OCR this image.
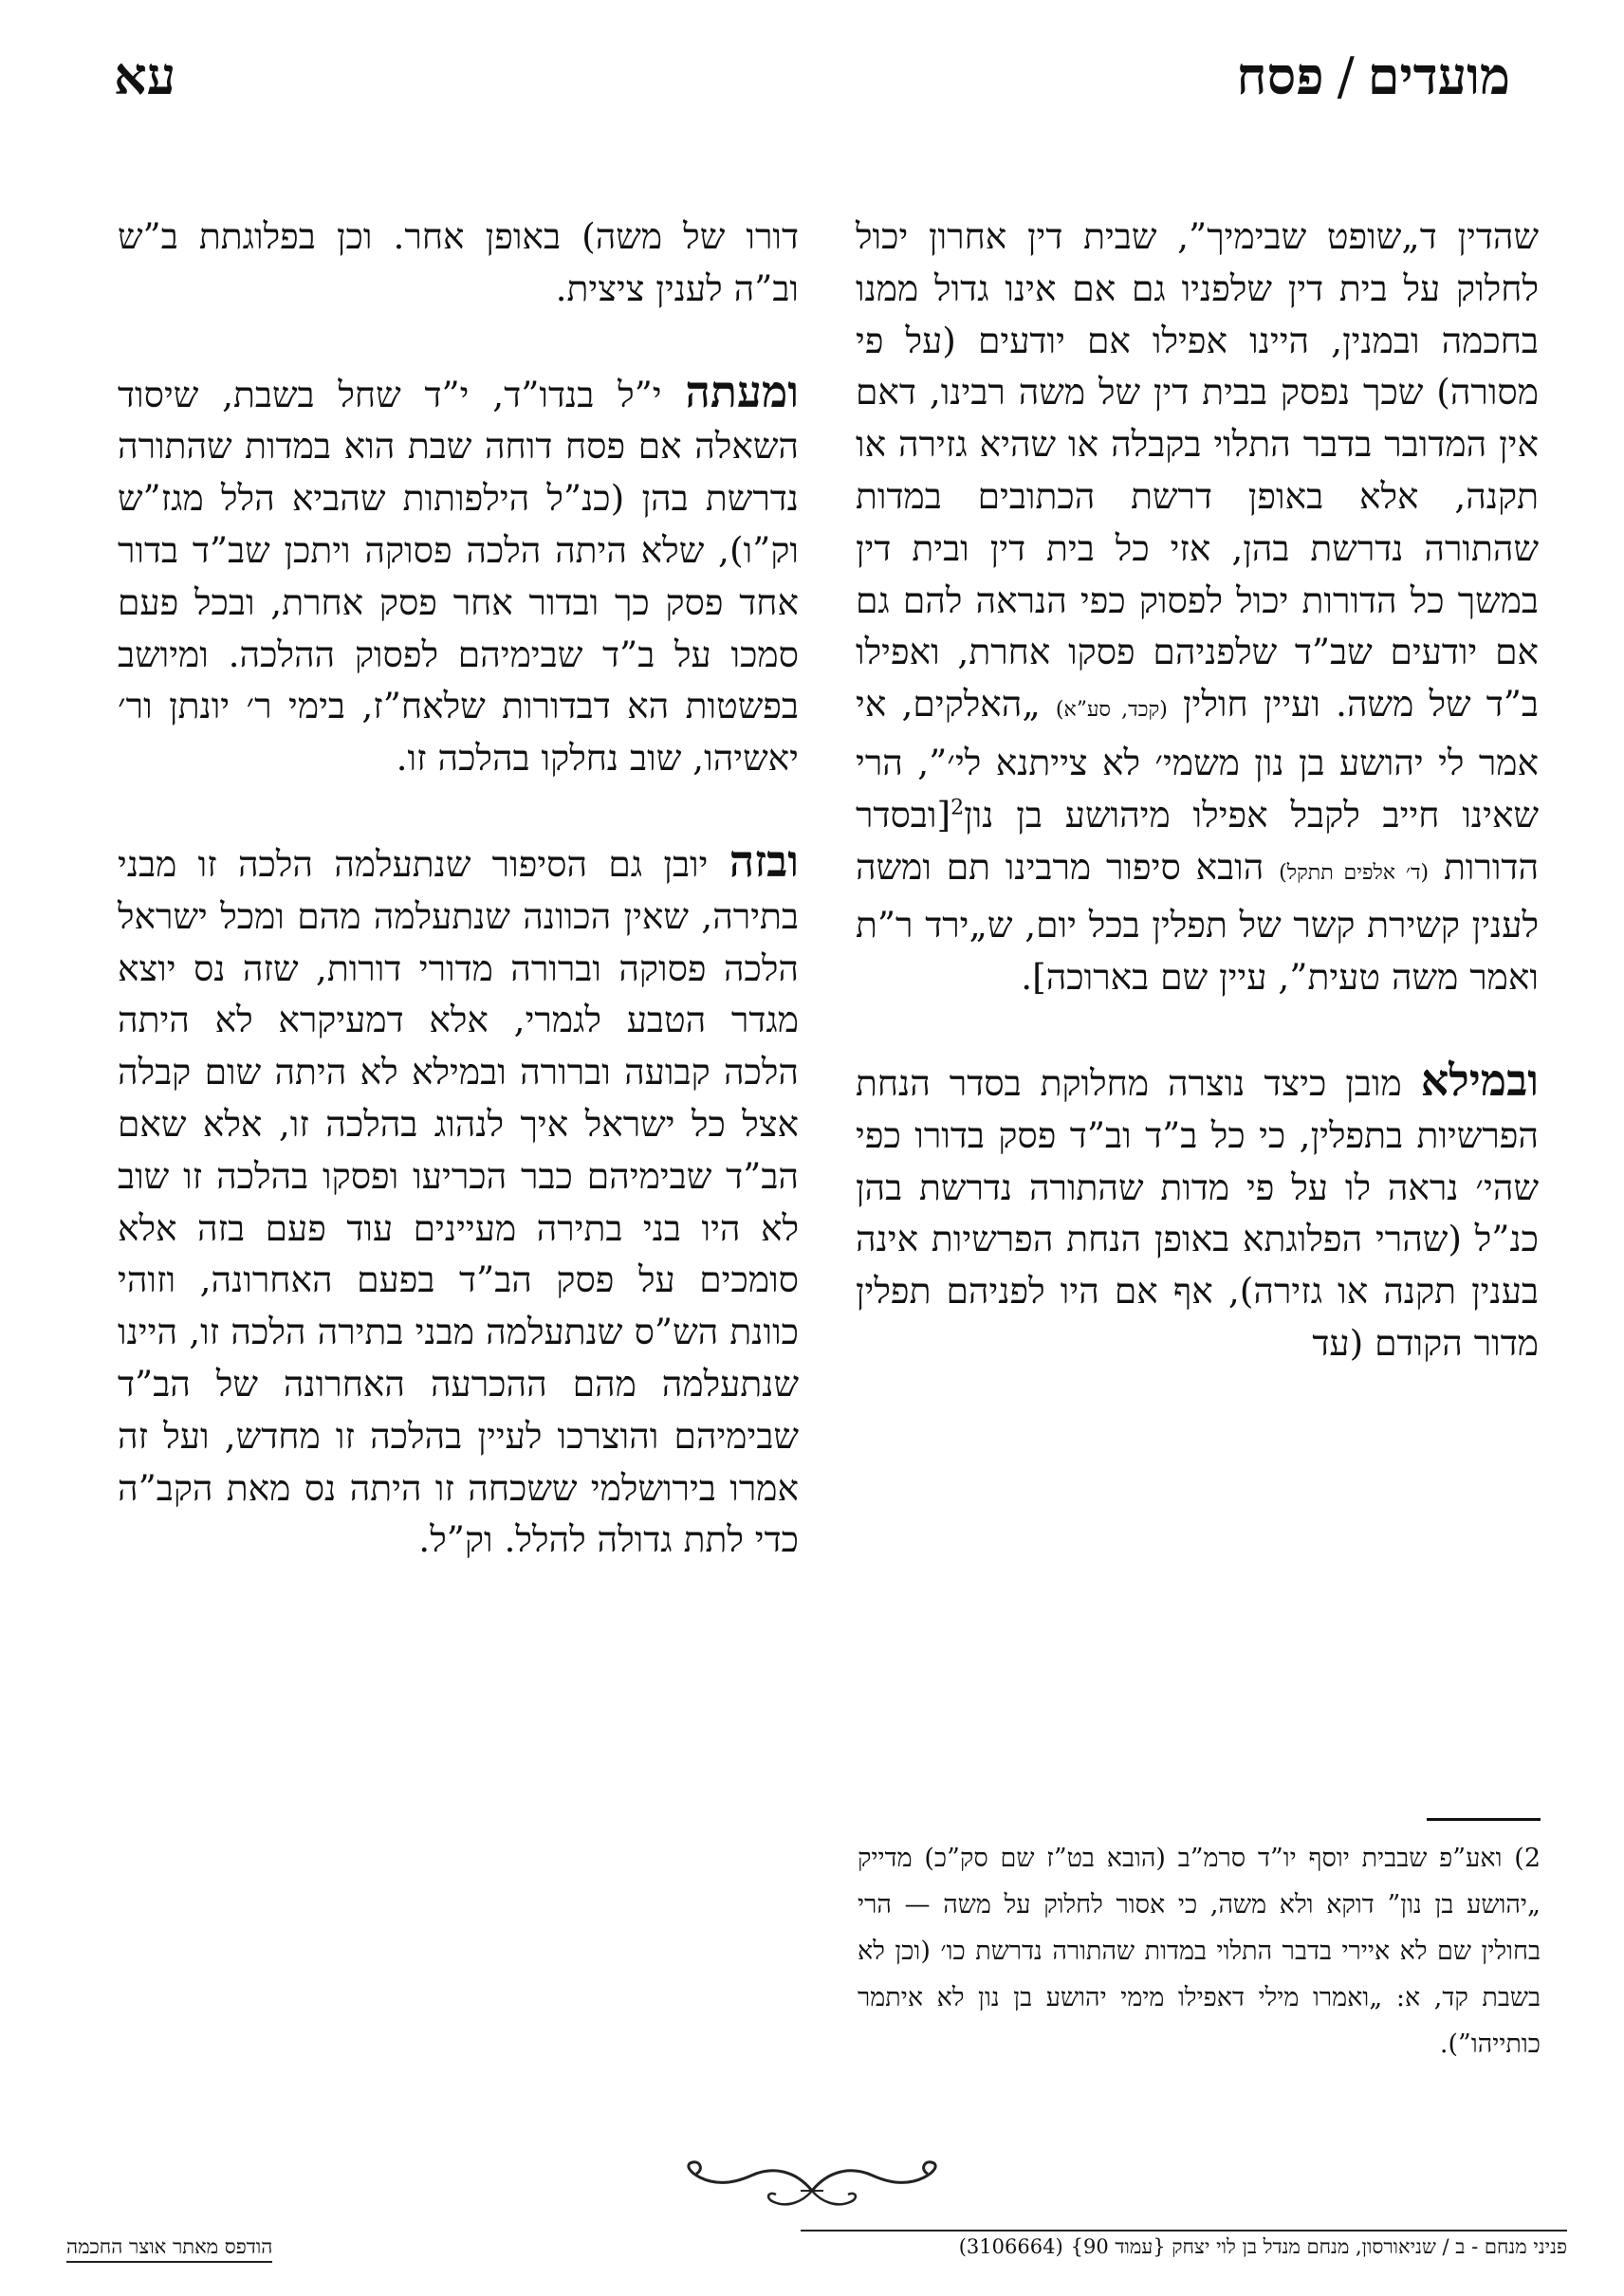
מועדים/פסח
עא

שהדין ד„שופט שבימיך”, שבית דין אחרון יכול לחלוק על בית דין שלפניו גם אם אינו גדול ממנו בחכמה ובמנין, היינו אפילו אם יודעים (על פי מסורה) שכך נפסק בבית דין של משה רבינו, דאם אין המדובר בדבר התלוי בקבלה או שהיא גזירה או תקנה, אלא באופן דרשת הכתובים במדות שהתורה נדרשת בהן, אזי כל בית דין ובית דין במשך כל הדורות יכול לפסוק כפי הנראה להם גם אם יודעים שב”ד שלפניהם פסקו אחרת, ואפילו ב”ד של משה. ועיין חולין (קכד, סע”א) „האלקים, אי אמר לי יהושע בן נון משמי׳ לא צייתנא לי׳”, הרי שאינו חייב לקבל אפילו מיהושע בן נון$^2$[ובסדר הדורות (ד׳ אלפים תתקל) הובא סיפור מרבינו תם ומשה לענין קשירת קשר של תפלין בכל יום, ש„ירד ר”ת ואמר משה טעית”, עיין שם בארוכה].

ובמילא מובן כיצד נוצרה מחלוקת בסדר הנחת הפרשיות בתפלין, כי כל ב”ד וב”ד פסק בדורו כפי שהי׳ נראה לו על פי מדות שהתורה נדרשת בהן כנ”ל (שהרי הפלוגתא באופן הנחת הפרשיות אינה בענין תקנה או גזירה), אף אם היו לפניהם תפלין מדור הקודם (עד

דורו של משה) באופן אחר. וכן בפלוגתת ב”ש וב”ה לענין ציצית.

ומעתה י”ל בנדו”ד, י”ד שחל בשבת, שיסוד השאלה אם פסח דוחה שבת הוא במדות שהתורה נדרשת בהן (כנ”ל הילפותות שהביא הלל מגז”ש וק”ו), שלא היתה הלכה פסוקה ויתכן שב”ד בדור אחד פסק כך ובדור אחר פסק אחרת, ובכל פעם סמכו על ב”ד שבימיהם לפסוק ההלכה. ומיושב בפשטות הא דבדורות שלאח”ז, בימי ר׳ יונתן ור׳ יאשיהו, שוב נחלקו בהלכה זו.

ובזה יובן גם הסיפור שנתעלמה הלכה זו מבני בתירה, שאין הכוונה שנתעלמה מהם ומכל ישראל הלכה פסוקה וברורה מדורי דורות, שזה נס יוצא מגדר הטבע לגמרי, אלא דמעיקרא לא היתה הלכה קבועה וברורה ובמילא לא היתה שום קבלה אצל כל ישראל איך לנהוג בהלכה זו, אלא שאם הב”ד שבימיהם כבר הכריעו ופסקו בהלכה זו שוב לא היו בני בתירה מעיינים עוד פעם בזה אלא סומכים על פסק הב”ד בפעם האחרונה, וזוהי כוונת הש”ס שנתעלמה מבני בתירה הלכה זו, היינו שנתעלמה מהם ההכרעה האחרונה של הב”ד שבימיהם והוצרכו לעיין בהלכה זו מחדש, ועל זה אמרו בירושלמי ששכחה זו היתה נס מאת הקב”ה כדי לתת גדולה להלל. וק”ל.

2) ואע”פ שבבית יוסף יו”ד סרמ”ב (הובא בט”ז שם סק”כ) מדייק „יהושע בן נון” דוקא ולא משה, כי אסור לחלוק על משה — הרי בחולין שם לא איירי בדבר התלוי במדות שהתורה נדרשת כו׳ (וכן לא בשבת קד, א: „ואמרו מילי דאפילו מימי יהושע בן נון לא איתמר כותייהו”).
פניני מנחם - ב / שניאורסון, מנחם מנדל בן לוי יצחק {עמוד 90}(3106664)
הודפס מאתר אוצר החכמה
